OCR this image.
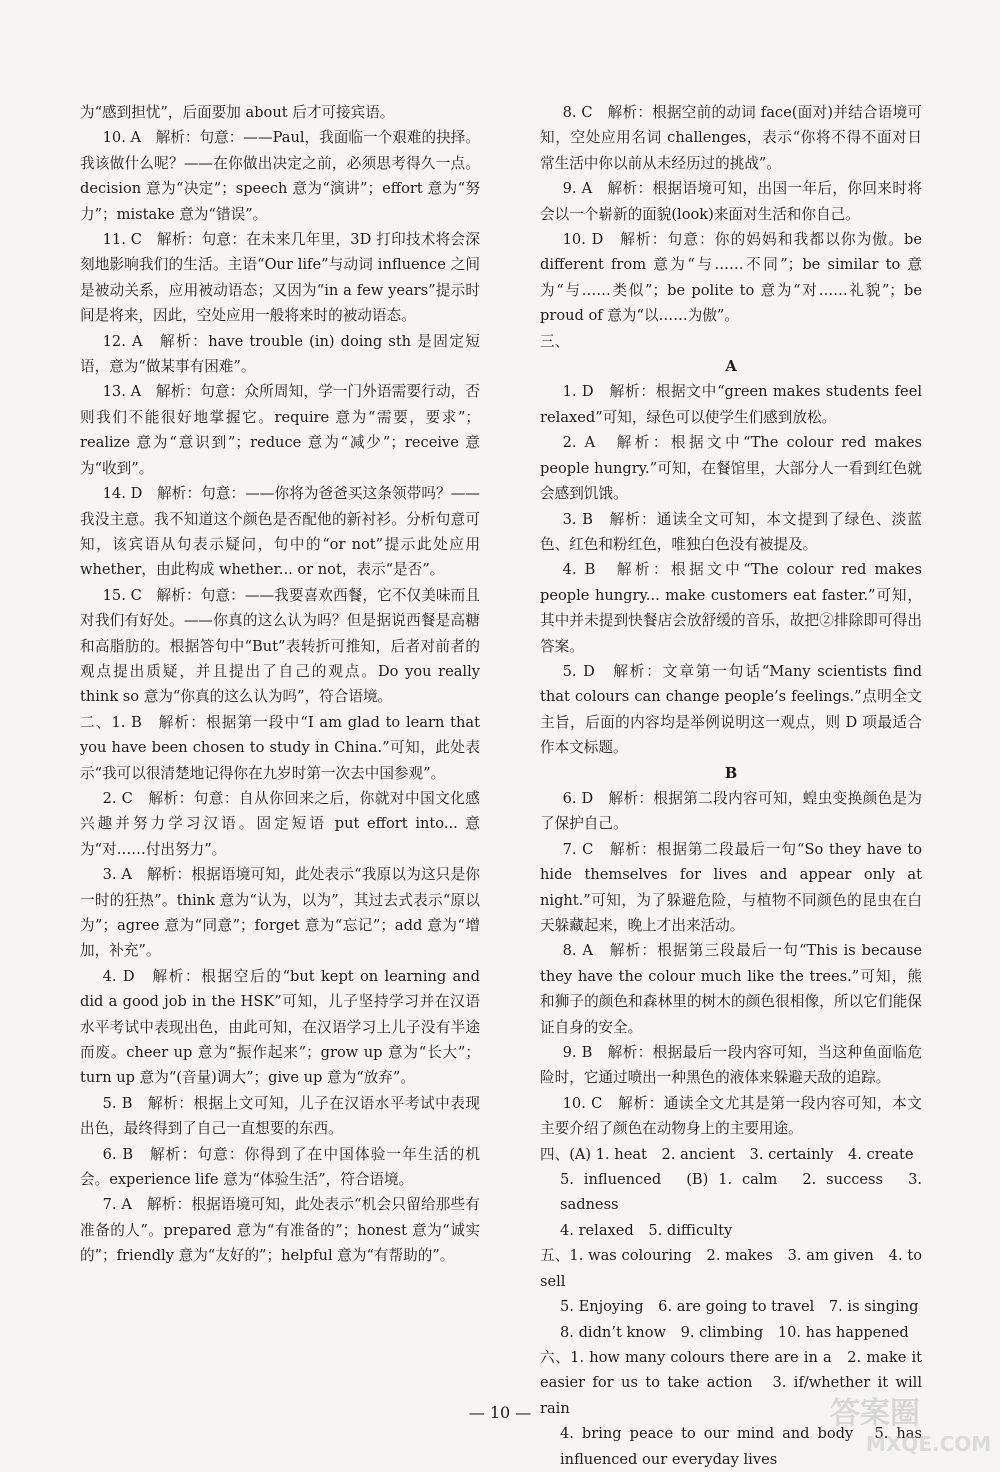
为“感到担忧”，后面要加 about 后才可接宾语。

10. A　解析：句意：——Paul，我面临一个艰难的抉择。我该做什么呢？——在你做出决定之前，必须思考得久一点。decision 意为“决定”；speech 意为“演讲”；effort 意为“努力”；mistake 意为“错误”。

11. C　解析：句意：在未来几年里，3D 打印技术将会深刻地影响我们的生活。主语“Our life”与动词 influence 之间是被动关系，应用被动语态；又因为“in a few years”提示时间是将来，因此，空处应用一般将来时的被动语态。

12. A　解析：have trouble (in) doing sth 是固定短语，意为“做某事有困难”。

13. A　解析：句意：众所周知，学一门外语需要行动，否则我们不能很好地掌握它。require 意为“需要，要求”；realize 意为“意识到”；reduce 意为“减少”；receive 意为“收到”。

14. D　解析：句意：——你将为爸爸买这条领带吗？——我没主意。我不知道这个颜色是否配他的新衬衫。分析句意可知，该宾语从句表示疑问，句中的“or not”提示此处应用 whether，由此构成 whether... or not，表示“是否”。

15. C　解析：句意：——我要喜欢西餐，它不仅美味而且对我们有好处。——你真的这么认为吗？但是据说西餐是高糖和高脂肪的。根据答句中“But”表转折可推知，后者对前者的观点提出质疑，并且提出了自己的观点。Do you really think so 意为“你真的这么认为吗”，符合语境。

二、1. B　解析：根据第一段中“I am glad to learn that you have been chosen to study in China.”可知，此处表示“我可以很清楚地记得你在九岁时第一次去中国参观”。

2. C　解析：句意：自从你回来之后，你就对中国文化感兴趣并努力学习汉语。固定短语 put effort into... 意为“对……付出努力”。

3. A　解析：根据语境可知，此处表示“我原以为这只是你一时的狂热”。think 意为“认为，以为”，其过去式表示“原以为”；agree 意为“同意”；forget 意为“忘记”；add 意为“增加，补充”。

4. D　解析：根据空后的“but kept on learning and did a good job in the HSK”可知，儿子坚持学习并在汉语水平考试中表现出色，由此可知，在汉语学习上儿子没有半途而废。cheer up 意为“振作起来”；grow up 意为“长大”；turn up 意为“(音量)调大”；give up 意为“放弃”。

5. B　解析：根据上文可知，儿子在汉语水平考试中表现出色，最终得到了自己一直想要的东西。

6. B　解析：句意：你得到了在中国体验一年生活的机会。experience life 意为“体验生活”，符合语境。

7. A　解析：根据语境可知，此处表示“机会只留给那些有准备的人”。prepared 意为“有准备的”；honest 意为“诚实的”；friendly 意为“友好的”；helpful 意为“有帮助的”。

8. C　解析：根据空前的动词 face(面对)并结合语境可知，空处应用名词 challenges，表示“你将不得不面对日常生活中你以前从未经历过的挑战”。

9. A　解析：根据语境可知，出国一年后，你回来时将会以一个崭新的面貌(look)来面对生活和你自己。

10. D　解析：句意：你的妈妈和我都以你为傲。be different from 意为“与……不同”；be similar to 意为“与……类似”；be polite to 意为“对……礼貌”；be proud of 意为“以……为傲”。

三、

A

1. D　解析：根据文中“green makes students feel relaxed”可知，绿色可以使学生们感到放松。

2. A　解析：根据文中“The colour red makes people hungry.”可知，在餐馆里，大部分人一看到红色就会感到饥饿。

3. B　解析：通读全文可知，本文提到了绿色、淡蓝色、红色和粉红色，唯独白色没有被提及。

4. B　解析：根据文中“The colour red makes people hungry... make customers eat faster.”可知，其中并未提到快餐店会放舒缓的音乐，故把②排除即可得出答案。

5. D　解析：文章第一句话“Many scientists find that colours can change people’s feelings.”点明全文主旨，后面的内容均是举例说明这一观点，则 D 项最适合作本文标题。

B

6. D　解析：根据第二段内容可知，蝗虫变换颜色是为了保护自己。

7. C　解析：根据第二段最后一句“So they have to hide themselves for lives and appear only at night.”可知，为了躲避危险，与植物不同颜色的昆虫在白天躲藏起来，晚上才出来活动。

8. A　解析：根据第三段最后一句“This is because they have the colour much like the trees.”可知，熊和狮子的颜色和森林里的树木的颜色很相像，所以它们能保证自身的安全。

9. B　解析：根据最后一段内容可知，当这种鱼面临危险时，它通过喷出一种黑色的液体来躲避天敌的追踪。

10. C　解析：通读全文尤其是第一段内容可知，本文主要介绍了颜色在动物身上的主要用途。

四、(A) 1. heat　2. ancient　3. certainly　4. create

5. influenced　(B) 1. calm　2. success　3. sadness

4. relaxed　5. difficulty

五、1. was colouring　2. makes　3. am given　4. to sell

5. Enjoying　6. are going to travel　7. is singing

8. didn’t know　9. climbing　10. has happened

六、1. how many colours there are in a　2. make it easier for us to take action　3. if/whether it will rain

4. bring peace to our mind and body　5. has influenced our everyday lives

— 10 —	答案圈
MXQE.COM
